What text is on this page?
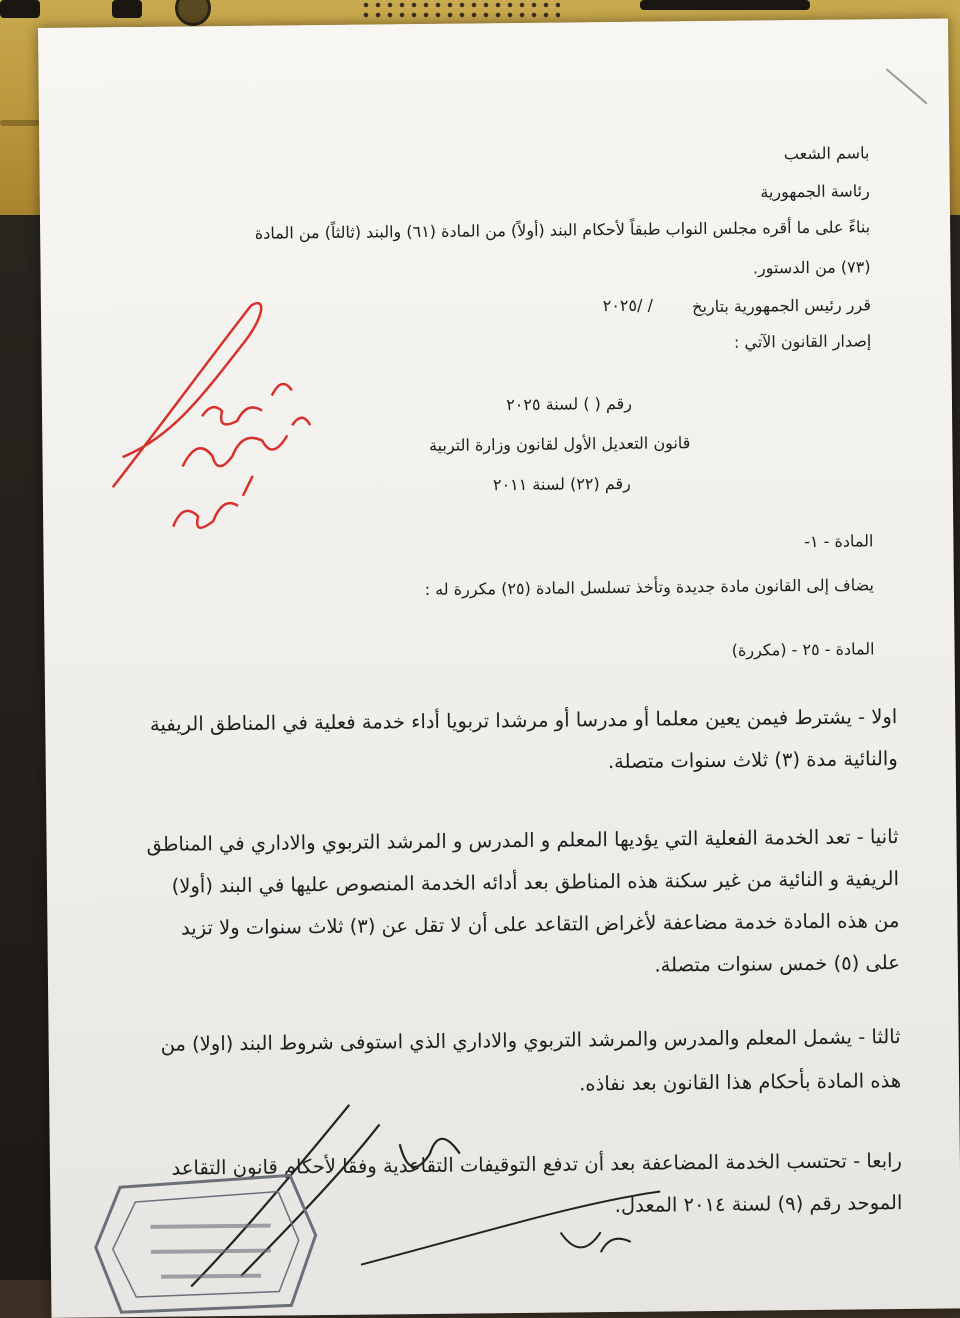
باسم الشعب
رئاسة الجمهورية
بناءً على ما أقره مجلس النواب طبقاً لأحكام البند (أولاً) من المادة (٦١) والبند (ثالثاً) من المادة
(٧٣) من الدستور.
قرر رئيس الجمهورية بتاريخ
/ /٢٠٢٥
إصدار القانون الآتي :
رقم ( ) لسنة ٢٠٢٥
قانون التعديل الأول لقانون وزارة التربية
رقم (٢٢) لسنة ٢٠١١
المادة - ١-
يضاف إلى القانون مادة جديدة وتأخذ تسلسل المادة (٢٥) مكررة له :
المادة - ٢٥ - (مكررة)
اولا - يشترط فيمن يعين معلما أو مدرسا أو مرشدا تربويا أداء خدمة فعلية في المناطق الريفية
والنائية مدة (٣) ثلاث سنوات متصلة.
ثانيا - تعد الخدمة الفعلية التي يؤديها المعلم و المدرس و المرشد التربوي والاداري في المناطق
الريفية و النائية من غير سكنة هذه المناطق بعد أدائه الخدمة المنصوص عليها في البند (أولا)
من هذه المادة خدمة مضاعفة لأغراض التقاعد على أن لا تقل عن (٣) ثلاث سنوات ولا تزيد
على (٥) خمس سنوات متصلة.
ثالثا - يشمل المعلم والمدرس والمرشد التربوي والاداري الذي استوفى شروط البند (اولا) من
هذه المادة بأحكام هذا القانون بعد نفاذه.
رابعا - تحتسب الخدمة المضاعفة بعد أن تدفع التوقيفات التقاعدية وفقا لأحكام قانون التقاعد
الموحد رقم (٩) لسنة ٢٠١٤ المعدل.
